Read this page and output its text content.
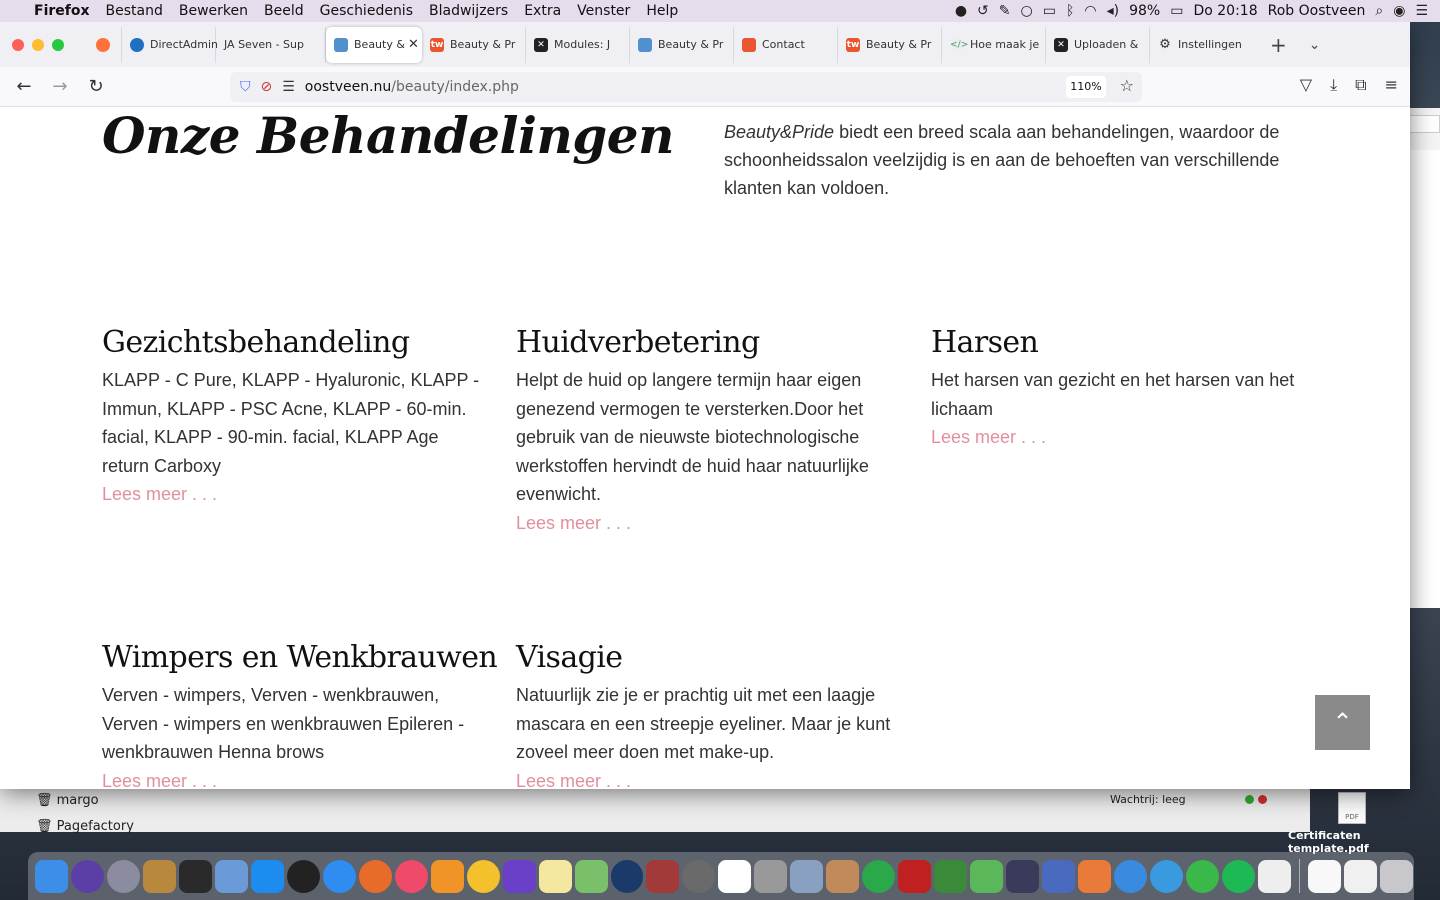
🗑 margo
🗑 Pagefactory
Wachtrij: leeg
PDF
Certificaten template.pdf
Firefox	Bestand	Bewerken	Beeld	Geschiedenis	Bladwijzers	Extra	Venster	Help	● ↺ ✎ ○ ▭ ᛒ ◠ ◂) 98% ▭ Do 20:18 Rob Oostveen ⌕ ◉ ☰
DirectAdmin JA Seven - Sup	Beauty & ✕ tw Beauty & Pr	✕ Modules: J	Beauty & Pr	Contact	tw Beauty & Pr </> Hoe maak je	✕ Uploaden & ⚙ Instellingen + ⌄
←	→	↻	⛉ ⊘ ☰ oostveen.nu/beauty/index.php	110% ☆	▽ ⤓ ⧉ ≡
Onze Behandelingen	Beauty&Pride biedt een breed scala aan behandelingen, waardoor de schoonheidssalon veelzijdig is en aan de behoeften van verschillende klanten kan voldoen.

Gezichtsbehandeling

KLAPP - C Pure, KLAPP - Hyaluronic, KLAPP - Immun, KLAPP - PSC Acne, KLAPP - 60-min. facial, KLAPP - 90-min. facial, KLAPP Age return Carboxy

Lees meer . . .
Huidverbetering

Helpt de huid op langere termijn haar eigen genezend vermogen te versterken.Door het gebruik van de nieuwste biotechnologische werkstoffen hervindt de huid haar natuurlijke evenwicht.

Lees meer . . .
Harsen

Het harsen van gezicht en het harsen van het lichaam

Lees meer . . .
Wimpers en Wenkbrauwen

Verven - wimpers, Verven - wenkbrauwen, Verven - wimpers en wenkbrauwen Epileren - wenkbrauwen Henna brows

Lees meer . . .
Visagie

Natuurlijk zie je er prachtig uit met een laagje mascara en een streepje eyeliner. Maar je kunt zoveel meer doen met make-up.

Lees meer . . .
⌃
